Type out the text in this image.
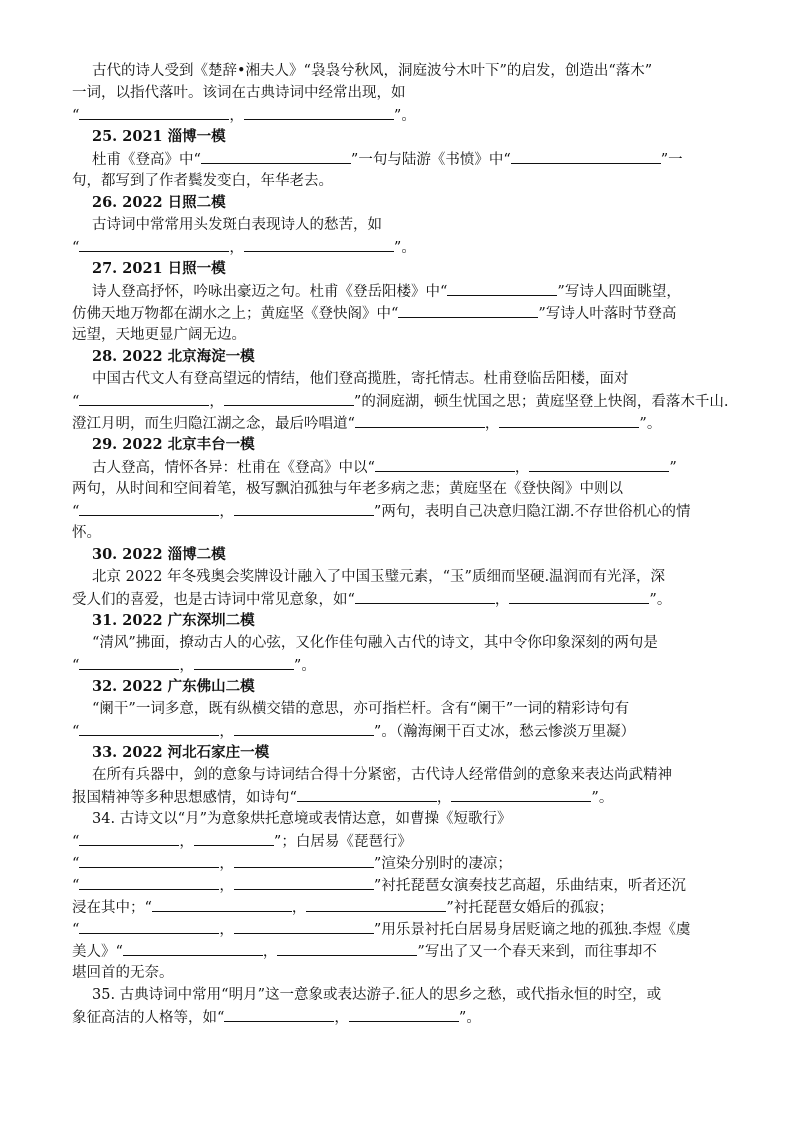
古代的诗人受到《楚辞•湘夫人》“袅袅兮秋风，洞庭波兮木叶下”的启发，创造出“落木”
一词，以指代落叶。该词在古典诗词中经常出现，如
“	，	”。
25. 2021 淄博一模
杜甫《登高》中“	”一句与陆游《书愤》中“	”一
句，都写到了作者鬓发变白，年华老去。
26. 2022 日照二模
古诗词中常常用头发斑白表现诗人的愁苦，如
“	，	”。
27. 2021 日照一模
诗人登高抒怀，吟咏出豪迈之句。杜甫《登岳阳楼》中“	”写诗人四面眺望，
仿佛天地万物都在湖水之上；黄庭坚《登快阁》中“	”写诗人叶落时节登高
远望，天地更显广阔无边。
28. 2022 北京海淀一模
中国古代文人有登高望远的情结，他们登高揽胜，寄托情志。杜甫登临岳阳楼，面对
“	，	”的洞庭湖，顿生忧国之思；黄庭坚登上快阁，看落木千山.
澄江月明，而生归隐江湖之念，最后吟唱道“	，	”。
29. 2022 北京丰台一模
古人登高，情怀各异：杜甫在《登高》中以“	，	”
两句，从时间和空间着笔，极写飘泊孤独与年老多病之悲；黄庭坚在《登快阁》中则以
“	，	”两句，表明自己决意归隐江湖.不存世俗机心的情
怀。
30. 2022 淄博二模
北京 2022 年冬残奥会奖牌设计融入了中国玉璧元素，“玉”质细而坚硬.温润而有光泽，深
受人们的喜爱，也是古诗词中常见意象，如“	，	”。
31. 2022 广东深圳二模
“清风”拂面，撩动古人的心弦，又化作佳句融入古代的诗文，其中令你印象深刻的两句是
“	，	”。
32. 2022 广东佛山二模
“阑干”一词多意，既有纵横交错的意思，亦可指栏杆。含有“阑干”一词的精彩诗句有
“	，	”。（瀚海阑干百丈冰，愁云惨淡万里凝）
33. 2022 河北石家庄一模
在所有兵器中，剑的意象与诗词结合得十分紧密，古代诗人经常借剑的意象来表达尚武精神
报国精神等多种思想感情，如诗句“	，	”。
34. 古诗文以“月”为意象烘托意境或表情达意，如曹操《短歌行》
“	，	”；白居易《琵琶行》
“	，	”渲染分别时的凄凉；
“	，	”衬托琵琶女演奏技艺高超，乐曲结束，听者还沉
浸在其中；“	，	”衬托琵琶女婚后的孤寂；
“	，	”用乐景衬托白居易身居贬谪之地的孤独.李煜《虞
美人》“	，	”写出了又一个春天来到，而往事却不
堪回首的无奈。
35. 古典诗词中常用“明月”这一意象或表达游子.征人的思乡之愁，或代指永恒的时空，或
象征高洁的人格等，如“	，	”。
